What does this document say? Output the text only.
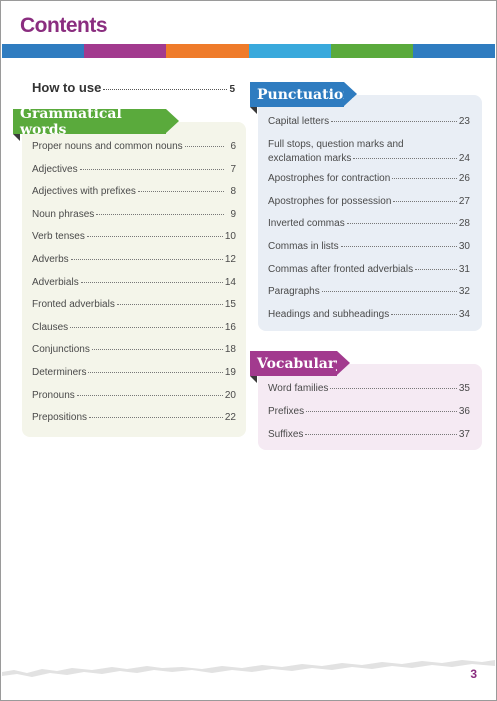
Contents
How to use	5
Grammatical words
Punctuation
Vocabulary
Proper nouns and common nouns	6
Adjectives	7
Adjectives with prefixes	8
Noun phrases	9
Verb tenses	10
Adverbs	12
Adverbials	14
Fronted adverbials	15
Clauses	16
Conjunctions	18
Determiners	19
Pronouns	20
Prepositions	22
Capital letters	23
Full stops, question marks and
exclamation marks	24
Apostrophes for contraction	26
Apostrophes for possession	27
Inverted commas	28
Commas in lists	30
Commas after fronted adverbials	31
Paragraphs	32
Headings and subheadings	34
Word families	35
Prefixes	36
Suffixes	37
3
